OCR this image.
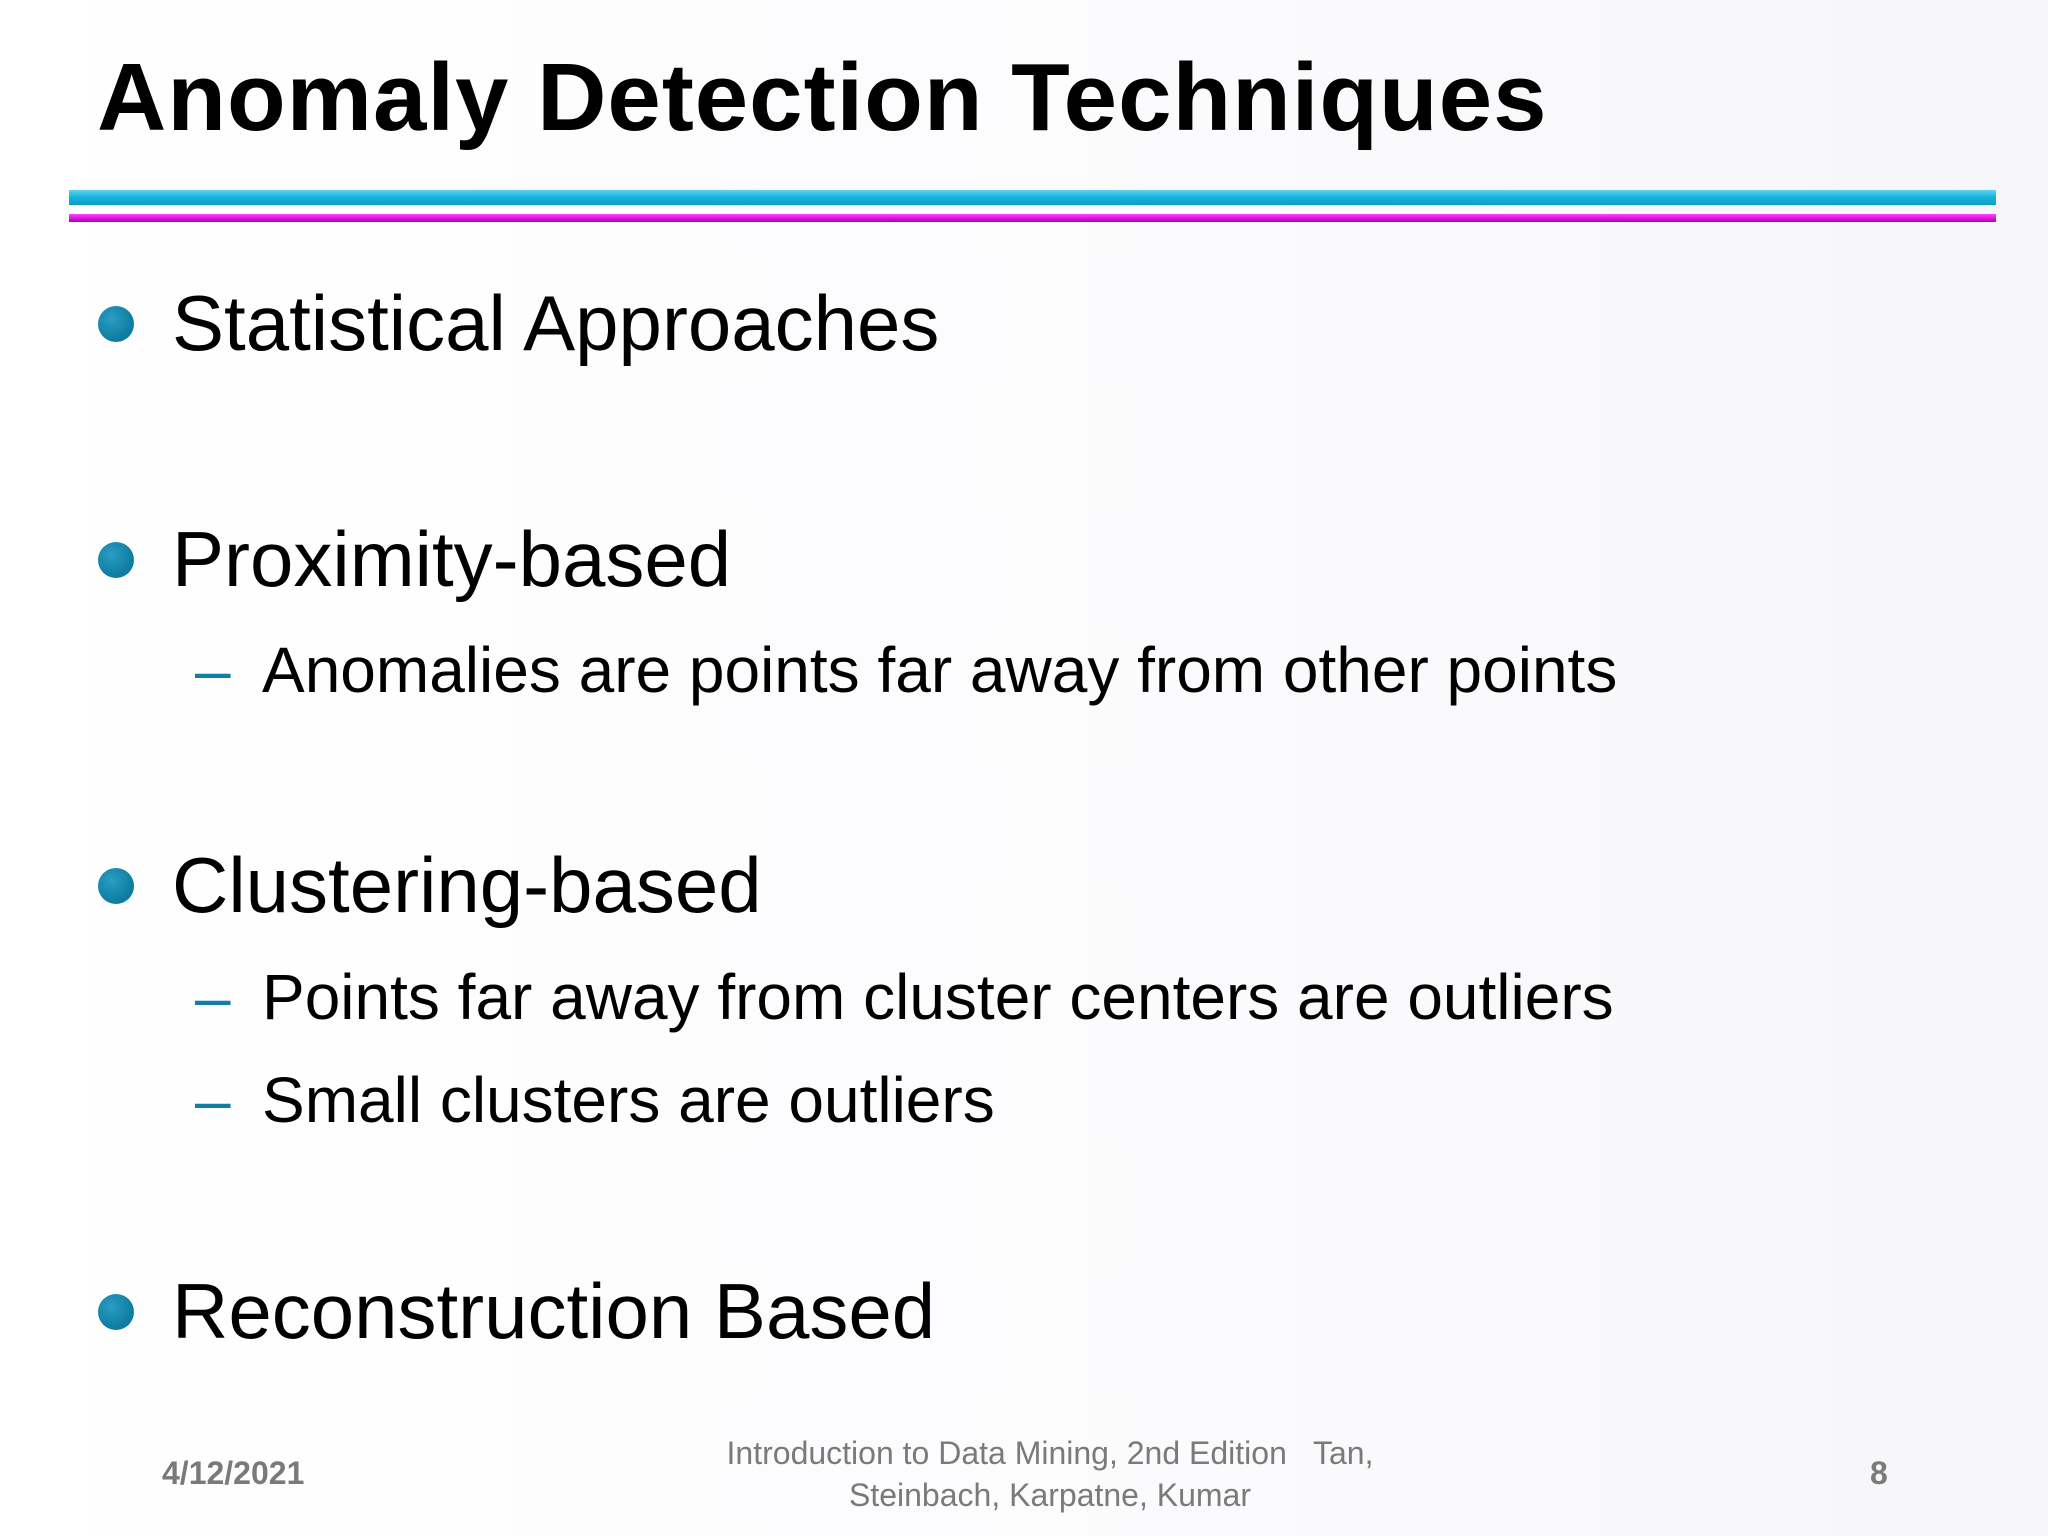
Anomaly Detection Techniques

Statistical Approaches

Proximity-based

– Anomalies are points far away from other points

Clustering-based

– Points far away from cluster centers are outliers

– Small clusters are outliers

Reconstruction Based

4/12/2021
Introduction to Data Mining, 2nd Edition   Tan,
Steinbach, Karpatne, Kumar
8
